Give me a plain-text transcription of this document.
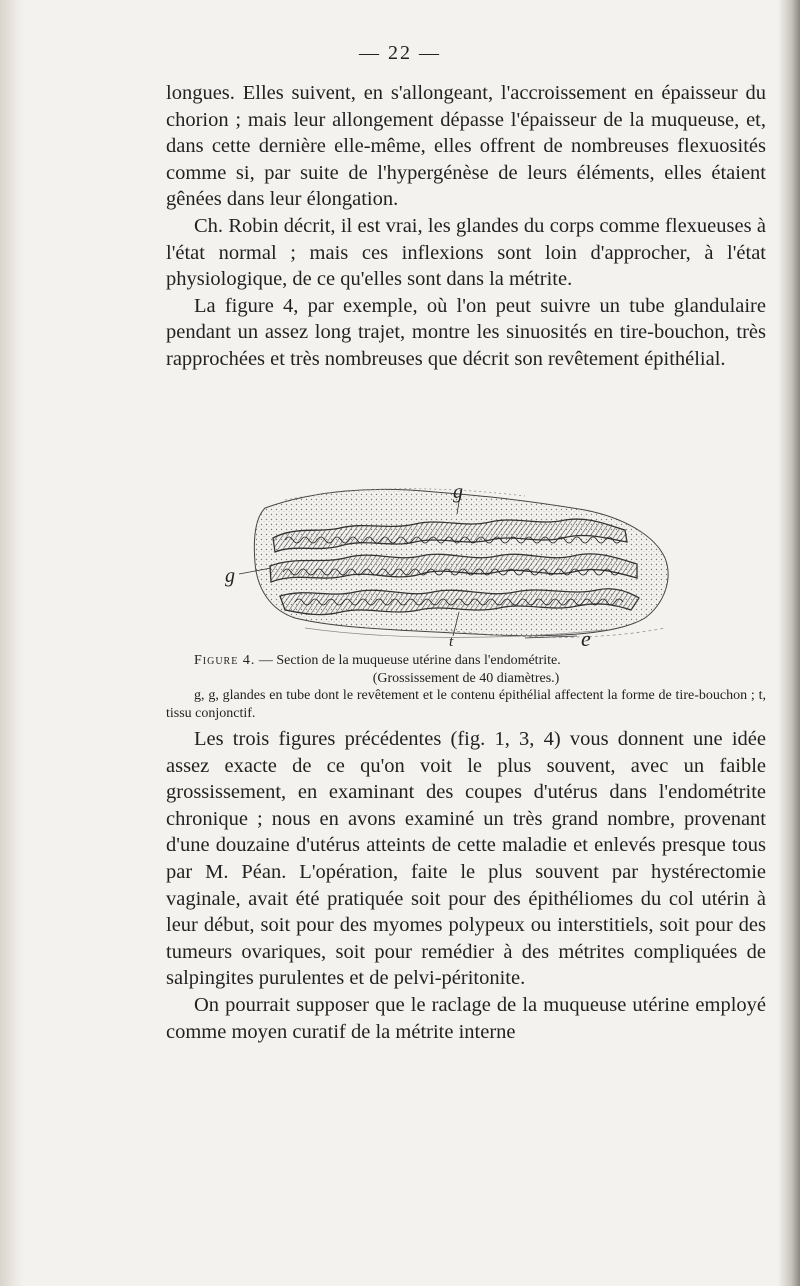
— 22 —

longues. Elles suivent, en s'allongeant, l'accroissement en épaisseur du chorion ; mais leur allongement dépasse l'épaisseur de la muqueuse, et, dans cette dernière elle-même, elles offrent de nombreuses flexuosités comme si, par suite de l'hypergénèse de leurs éléments, elles étaient gênées dans leur élongation.

Ch. Robin décrit, il est vrai, les glandes du corps comme flexueuses à l'état normal ; mais ces inflexions sont loin d'approcher, à l'état physiologique, de ce qu'elles sont dans la métrite.

La figure 4, par exemple, où l'on peut suivre un tube glandulaire pendant un assez long trajet, montre les sinuosités en tire-bouchon, très rapprochées et très nombreuses que décrit son revêtement épithélial.

g
g
t	e

Figure 4. — Section de la muqueuse utérine dans l'endométrite.

(Grossissement de 40 diamètres.)

g, g, glandes en tube dont le revêtement et le contenu épithélial affectent la forme de tire-bouchon ; t, tissu conjonctif.

Les trois figures précédentes (fig. 1, 3, 4) vous donnent une idée assez exacte de ce qu'on voit le plus souvent, avec un faible grossissement, en examinant des coupes d'utérus dans l'endométrite chronique ; nous en avons examiné un très grand nombre, provenant d'une douzaine d'utérus atteints de cette maladie et enlevés presque tous par M. Péan. L'opération, faite le plus souvent par hystérectomie vaginale, avait été pratiquée soit pour des épithéliomes du col utérin à leur début, soit pour des myomes polypeux ou interstitiels, soit pour des tumeurs ovariques, soit pour remédier à des métrites compliquées de salpingites purulentes et de pelvi-péritonite.

On pourrait supposer que le raclage de la muqueuse utérine employé comme moyen curatif de la métrite interne
